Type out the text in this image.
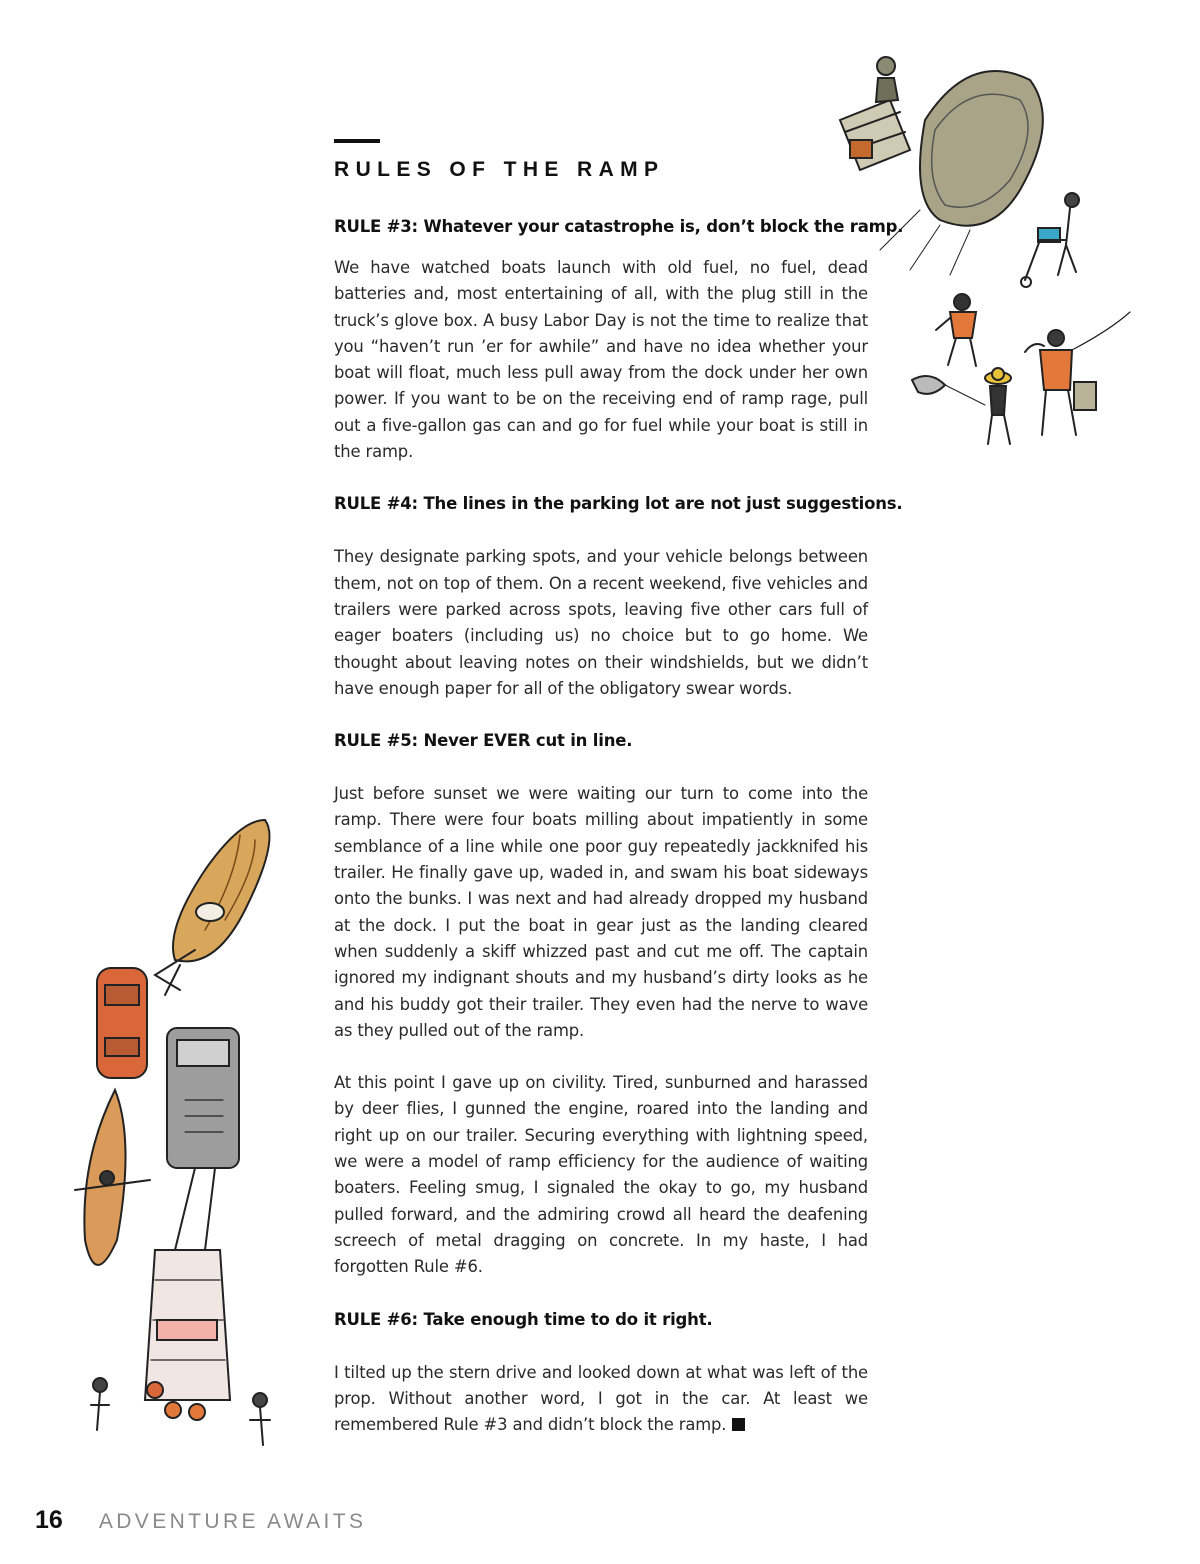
RULES OF THE RAMP
RULE #3: Whatever your catastrophe is, don’t block the ramp.

We have watched boats launch with old fuel, no fuel, dead batteries and, most entertaining of all, with the plug still in the truck’s glove box. A busy Labor Day is not the time to realize that you “haven’t run ’er for awhile” and have no idea whether your boat will float, much less pull away from the dock under her own power. If you want to be on the receiving end of ramp rage, pull out a five-gallon gas can and go for fuel while your boat is still in the ramp.

RULE #4: The lines in the parking lot are not just suggestions.

They designate parking spots, and your vehicle belongs between them, not on top of them. On a recent weekend, five vehicles and trailers were parked across spots, leaving five other cars full of eager boaters (including us) no choice but to go home. We thought about leaving notes on their windshields, but we didn’t have enough paper for all of the obligatory swear words.

RULE #5: Never EVER cut in line.

Just before sunset we were waiting our turn to come into the ramp. There were four boats milling about impatiently in some semblance of a line while one poor guy repeatedly jackknifed his trailer. He finally gave up, waded in, and swam his boat sideways onto the bunks. I was next and had already dropped my husband at the dock. I put the boat in gear just as the landing cleared when suddenly a skiff whizzed past and cut me off. The captain ignored my indignant shouts and my husband’s dirty looks as he and his buddy got their trailer. They even had the nerve to wave as they pulled out of the ramp.

At this point I gave up on civility. Tired, sunburned and harassed by deer flies, I gunned the engine, roared into the landing and right up on our trailer. Securing everything with lightning speed, we were a model of ramp efficiency for the audience of waiting boaters. Feeling smug, I signaled the okay to go, my husband pulled forward, and the admiring crowd all heard the deafening screech of metal dragging on concrete. In my haste, I had forgotten Rule #6.

RULE #6: Take enough time to do it right.

I tilted up the stern drive and looked down at what was left of the prop. Without another word, I got in the car. At least we remembered Rule #3 and didn’t block the ramp.

16 ADVENTURE AWAITS
